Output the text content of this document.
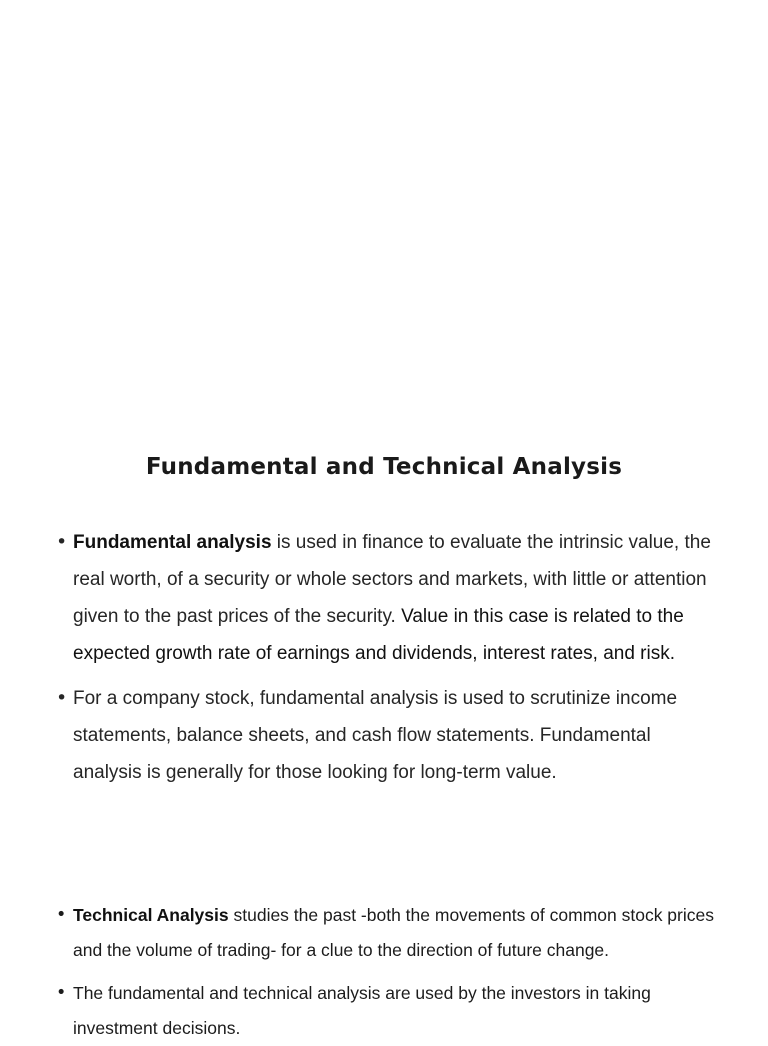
Fundamental and Technical Analysis
• Fundamental analysis is used in finance to evaluate the intrinsic value, the real worth, of a security or whole sectors and markets, with little or attention given to the past prices of the security. Value in this case is related to the expected growth rate of earnings and dividends, interest rates, and risk.
• For a company stock, fundamental analysis is used to scrutinize income statements, balance sheets, and cash flow statements. Fundamental analysis is generally for those looking for long-term value.
• Technical Analysis studies the past -both the movements of common stock prices and the volume of trading- for a clue to the direction of future change.
• The fundamental and technical analysis are used by the investors in taking investment decisions.
